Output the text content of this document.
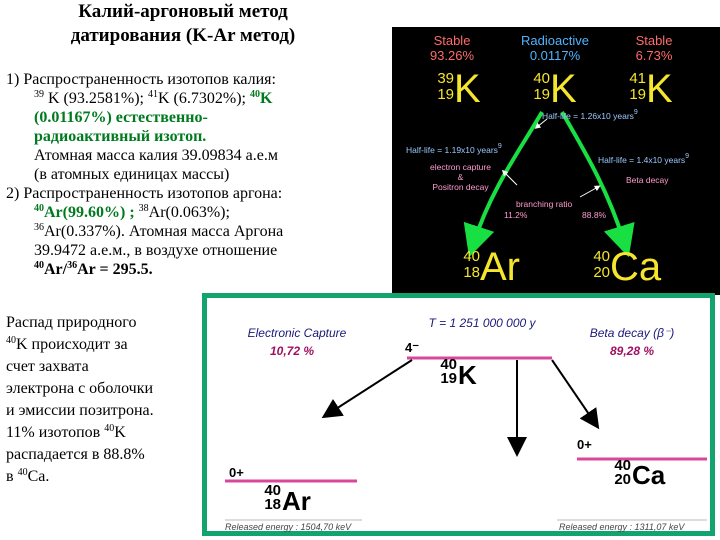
Калий-аргоновый метод
датирования (K-Ar метод)
1) Распространенность изотопов калия:
$^{39}$ K (93.2581%); $^{41}$K (6.7302%); $^{40}$K
(0.01167%) естественно-
радиоактивный изотоп.
Атомная масса калия 39.09834 а.е.м
(в атомных единицах массы)
2) Распространенность изотопов аргона:
$^{40}$Ar(99.60%) ; $^{38}$Ar(0.063%);
$^{36}$Ar(0.337%). Атомная масса Аргона
39.9472 а.е.м., в воздухе отношение
$^{40}$Ar/$^{36}$Ar = 295.5.
Распад природного
$^{40}$K происходит за
счет захвата
электрона с оболочки
и эмиссии позитрона.
11% изотопов $^{40}$K
распадается в 88.8%
в $^{40}$Ca.
Stable
93.26%
Radioactive
0.0117%
Stable
6.73%
39
19 K	40
19 K	41
19 K
Half-life = 1.26x10 years$^9$
Half-life = 1.19x10 years$^9$
Half-life = 1.4x10 years$^9$
electron capture
&
Positron decay
Beta decay
branching ratio
11.2%	88.8%
40
18 Ar	40
20 Ca
Electronic Capture
10,72 %
T = 1 251 000 000 y
Beta decay (β⁻)
89,28 %
4⁻
40
19 K
0+
40
18 Ar
0+
40
20 Ca
Released energy : 1504,70 keV	Released energy : 1311,07 keV
